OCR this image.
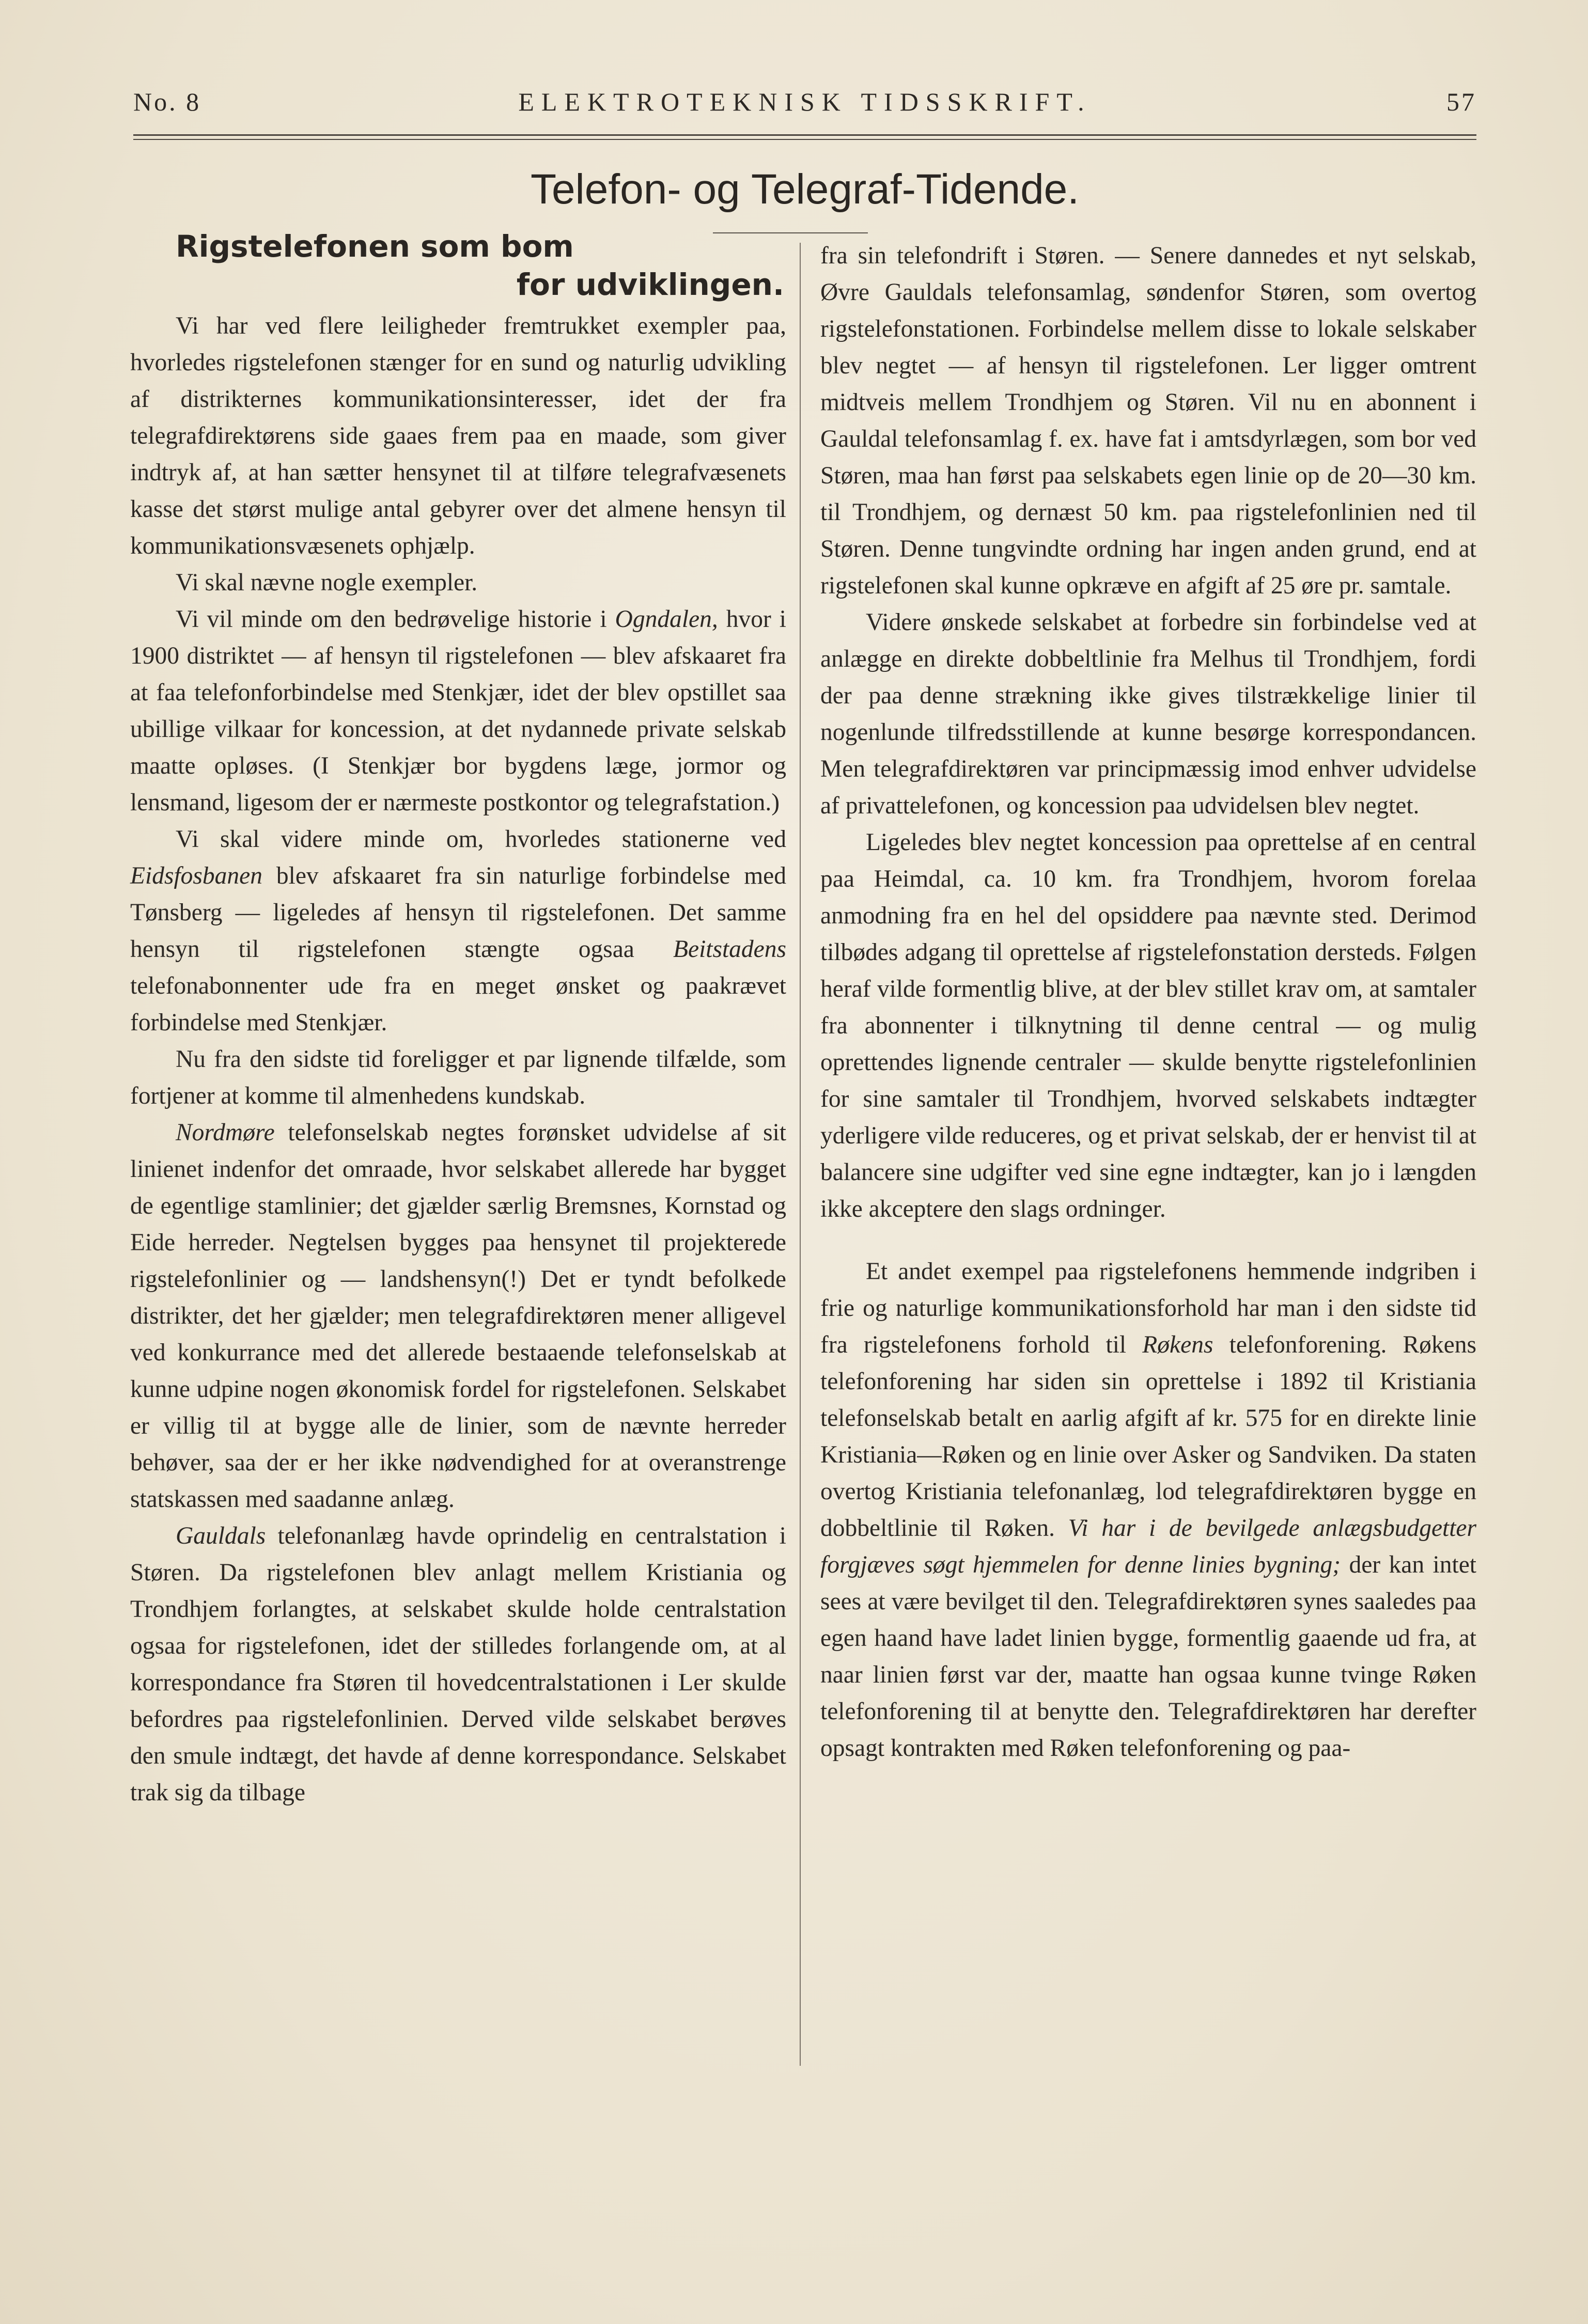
No. 8	ELEKTROTEKNISK TIDSSKRIFT.	57
Telefon- og Telegraf-Tidende.
Rigstelefonen som bom
for udviklingen.

Vi har ved flere leiligheder fremtrukket exempler paa, hvorledes rigstelefonen stænger for en sund og naturlig udvikling af distrikternes kommunikationsinteresser, idet der fra telegrafdirektørens side gaaes frem paa en maade, som giver indtryk af, at han sætter hensynet til at tilføre telegrafvæsenets kasse det størst mulige antal gebyrer over det almene hensyn til kommunikationsvæsenets ophjælp.

Vi skal nævne nogle exempler.

Vi vil minde om den bedrøvelige historie i Ogndalen, hvor i 1900 distriktet — af hensyn til rigstelefonen — blev afskaaret fra at faa telefonforbindelse med Stenkjær, idet der blev opstillet saa ubillige vilkaar for koncession, at det nydannede private selskab maatte opløses. (I Stenkjær bor bygdens læge, jormor og lensmand, ligesom der er nærmeste postkontor og telegrafstation.)

Vi skal videre minde om, hvorledes stationerne ved Eidsfosbanen blev afskaaret fra sin naturlige forbindelse med Tønsberg — ligeledes af hensyn til rigstelefonen. Det samme hensyn til rigstelefonen stængte ogsaa Beitstadens telefonabonnenter ude fra en meget ønsket og paakrævet forbindelse med Stenkjær.

Nu fra den sidste tid foreligger et par lignende tilfælde, som fortjener at komme til almenhedens kundskab.

Nordmøre telefonselskab negtes forønsket udvidelse af sit linienet indenfor det omraade, hvor selskabet allerede har bygget de egentlige stamlinier; det gjælder særlig Bremsnes, Kornstad og Eide herreder. Negtelsen bygges paa hensynet til projekterede rigstelefonlinier og — landshensyn(!) Det er tyndt befolkede distrikter, det her gjælder; men telegrafdirektøren mener alligevel ved konkurrance med det allerede bestaaende telefonselskab at kunne udpine nogen økonomisk fordel for rigstelefonen. Selskabet er villig til at bygge alle de linier, som de nævnte herreder behøver, saa der er her ikke nødvendighed for at overanstrenge statskassen med saadanne anlæg.

Gauldals telefonanlæg havde oprindelig en centralstation i Støren. Da rigstelefonen blev anlagt mellem Kristiania og Trondhjem forlangtes, at selskabet skulde holde centralstation ogsaa for rigstelefonen, idet der stilledes forlangende om, at al korrespondance fra Støren til hovedcentralstationen i Ler skulde befordres paa rigstelefonlinien. Derved vilde selskabet berøves den smule indtægt, det havde af denne korrespondance. Selskabet trak sig da tilbage

fra sin telefondrift i Støren. — Senere dannedes et nyt selskab, Øvre Gauldals telefonsamlag, søndenfor Støren, som overtog rigstelefonstationen. Forbindelse mellem disse to lokale selskaber blev negtet — af hensyn til rigstelefonen. Ler ligger omtrent midtveis mellem Trondhjem og Støren. Vil nu en abonnent i Gauldal telefonsamlag f. ex. have fat i amtsdyrlægen, som bor ved Støren, maa han først paa selskabets egen linie op de 20—30 km. til Trondhjem, og dernæst 50 km. paa rigstelefonlinien ned til Støren. Denne tungvindte ordning har ingen anden grund, end at rigstelefonen skal kunne opkræve en afgift af 25 øre pr. samtale.

Videre ønskede selskabet at forbedre sin forbindelse ved at anlægge en direkte dobbeltlinie fra Melhus til Trondhjem, fordi der paa denne strækning ikke gives tilstrækkelige linier til nogenlunde tilfredsstillende at kunne besørge korrespondancen. Men telegrafdirektøren var principmæssig imod enhver udvidelse af privattelefonen, og koncession paa udvidelsen blev negtet.

Ligeledes blev negtet koncession paa oprettelse af en central paa Heimdal, ca. 10 km. fra Trondhjem, hvorom forelaa anmodning fra en hel del opsiddere paa nævnte sted. Derimod tilbødes adgang til oprettelse af rigstelefonstation dersteds. Følgen heraf vilde formentlig blive, at der blev stillet krav om, at samtaler fra abonnenter i tilknytning til denne central — og mulig oprettendes lignende centraler — skulde benytte rigstelefonlinien for sine samtaler til Trondhjem, hvorved selskabets indtægter yderligere vilde reduceres, og et privat selskab, der er henvist til at balancere sine udgifter ved sine egne indtægter, kan jo i længden ikke akceptere den slags ordninger.

Et andet exempel paa rigstelefonens hemmende indgriben i frie og naturlige kommunikationsforhold har man i den sidste tid fra rigstelefonens forhold til Røkens telefonforening. Røkens telefonforening har siden sin oprettelse i 1892 til Kristiania telefonselskab betalt en aarlig afgift af kr. 575 for en direkte linie Kristiania—Røken og en linie over Asker og Sandviken. Da staten overtog Kristiania telefonanlæg, lod telegrafdirektøren bygge en dobbeltlinie til Røken. Vi har i de bevilgede anlægsbudgetter forgjæves søgt hjemmelen for denne linies bygning; der kan intet sees at være bevilget til den. Telegrafdirektøren synes saaledes paa egen haand have ladet linien bygge, formentlig gaaende ud fra, at naar linien først var der, maatte han ogsaa kunne tvinge Røken telefonforening til at benytte den. Telegrafdirektøren har derefter opsagt kontrakten med Røken telefonforening og paa-
